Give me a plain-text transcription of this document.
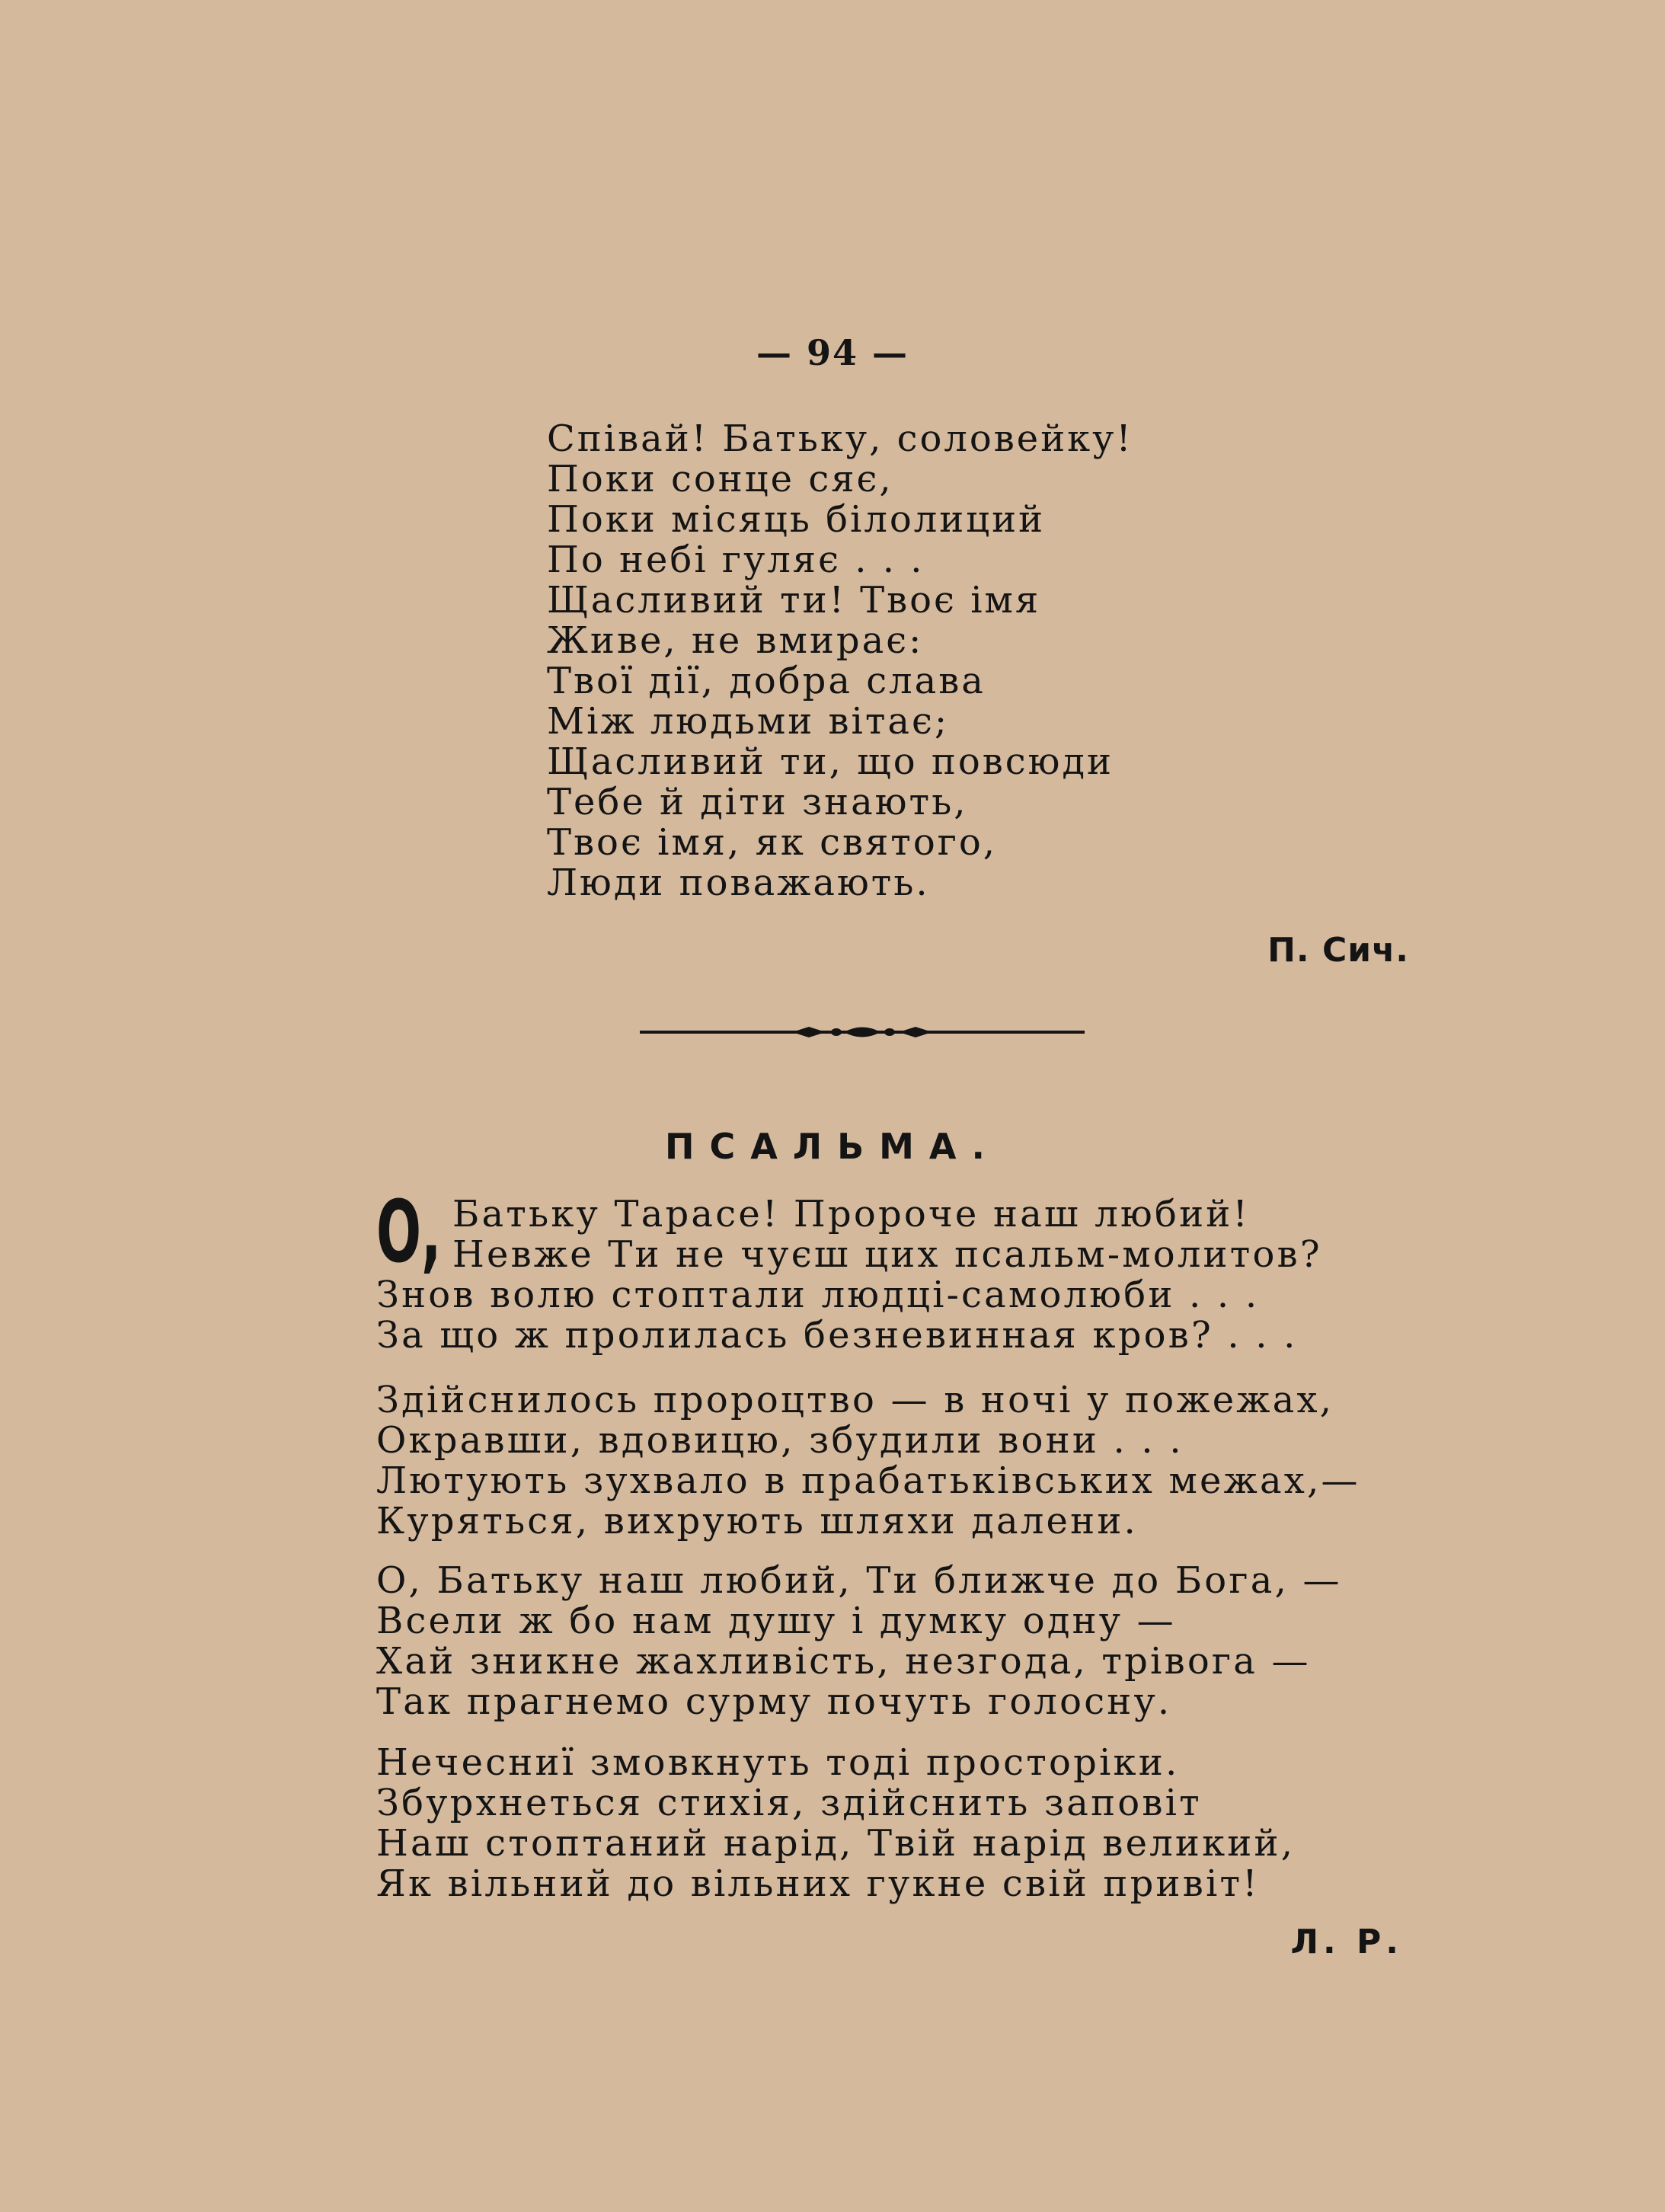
— 94 —
Співай! Батьку, соловейку!
Поки сонце сяє,
Поки місяць білолиций
По небі гуляє . . .
Щасливий ти! Твоє імя
Живе, не вмирає:
Твої дії, добра слава
Між людьми вітає;
Щасливий ти, що повсюди
Тебе й діти знають,
Твоє імя, як святого,
Люди поважають.
П. Сич.
ПСАЛЬМА.
О, Батьку Тарасе! Пророче наш любий!
Невже Ти не чуєш цих псальм-молитов?
Знов волю стоптали людці-самолюби . . .
За що ж пролилась безневинная кров? . . .
Здійснилось пророцтво — в ночі у пожежах,
Окравши, вдовицю, збудили вони . . .
Лютують зухвало в прабатьківських межах,—
Куряться, вихрують шляхи далени.
О, Батьку наш любий, Ти ближче до Бога, —
Всели ж бо нам душу і думку одну —
Хай зникне жахливість, незгода, трівога —
Так прагнемо сурму почуть голосну.
Нечесниї змовкнуть тоді просторіки.
Збурхнеться стихія, здійснить заповіт
Наш стоптаний нарід, Твій нарід великий,
Як вільний до вільних гукне свій привіт!
Л. Р.
